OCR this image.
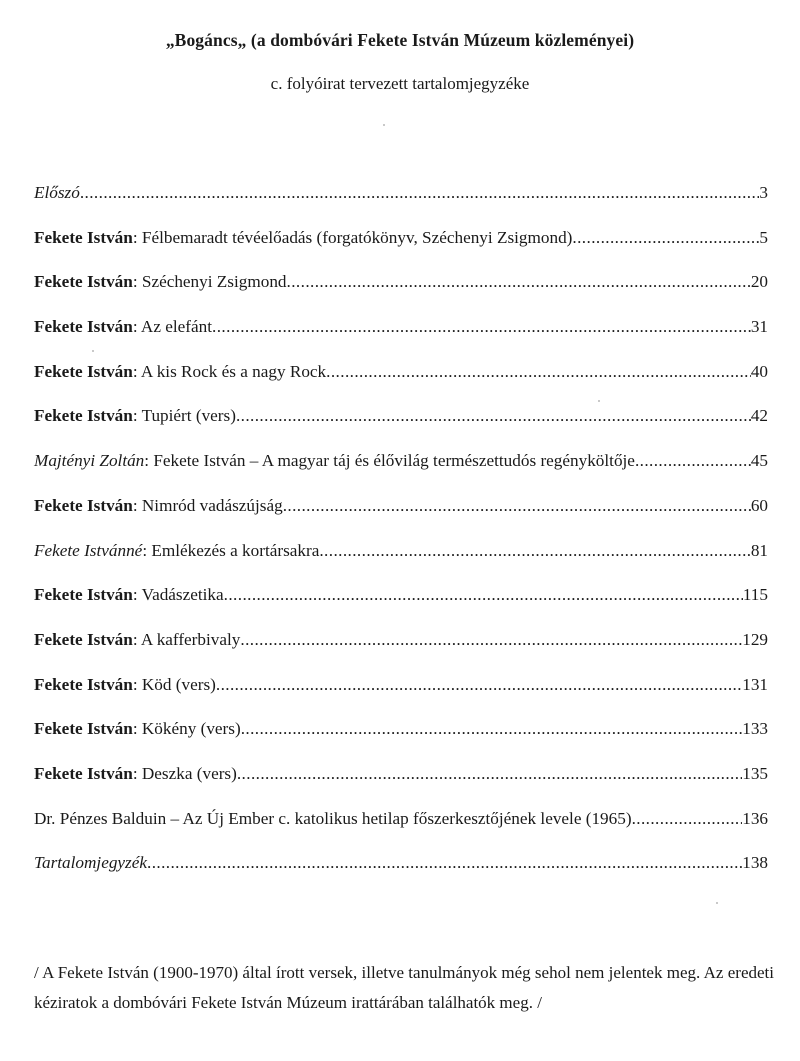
„Bogáncs„ (a dombóvári Fekete István Múzeum közleményei)
c. folyóirat tervezett tartalomjegyzéke
Előszó .....	3
Fekete István : Félbemaradt tévéelőadás (forgatókönyv, Széchenyi Zsigmond) .....	5
Fekete István : Széchenyi Zsigmond .....	20
Fekete István : Az elefánt .....	31
Fekete István : A kis Rock és a nagy Rock .....	40
Fekete István : Tupiért (vers) .....	42
Majtényi Zoltán : Fekete István – A magyar táj és élővilág természettudós regényköltője .....	45
Fekete István : Nimród vadászújság .....	60
Fekete Istvánné : Emlékezés a kortársakra .....	81
Fekete István : Vadászetika .....	115
Fekete István : A kafferbivaly .....	129
Fekete István : Köd (vers) .....	131
Fekete István : Kökény (vers) .....	133
Fekete István : Deszka (vers) .....	135
Dr. Pénzes Balduin – Az Új Ember c. katolikus hetilap főszerkesztőjének levele (1965) .....	136
Tartalomjegyzék .....	138
/ A Fekete István (1900-1970) által írott versek, illetve tanulmányok még sehol nem jelentek meg. Az eredeti kéziratok a dombóvári Fekete István Múzeum irattárában találhatók meg. /
